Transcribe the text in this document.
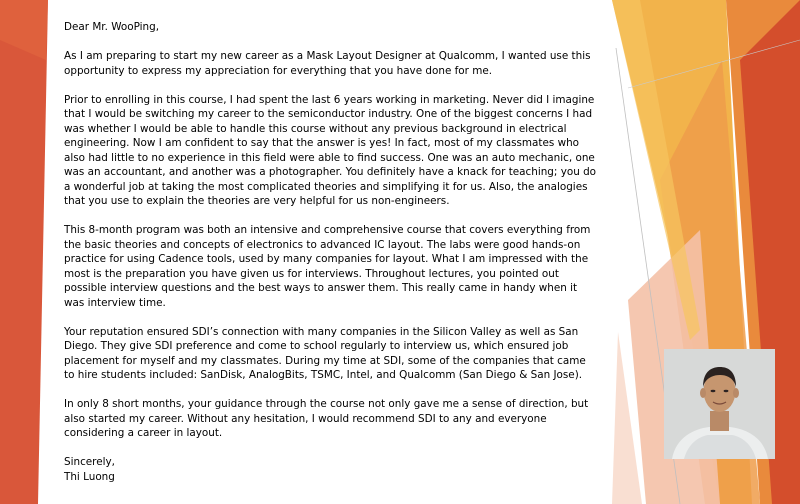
Dear Mr. WooPing,

As I am preparing to start my new career as a Mask Layout Designer at Qualcomm, I wanted use this opportunity to express my appreciation for everything that you have done for me.

Prior to enrolling in this course, I had spent the last 6 years working in marketing. Never did I imagine that I would be switching my career to the semiconductor industry. One of the biggest concerns I had was whether I would be able to handle this course without any previous background in electrical engineering. Now I am confident to say that the answer is yes! In fact, most of my classmates who also had little to no experience in this field were able to find success. One was an auto mechanic, one was an accountant, and another was a photographer. You definitely have a knack for teaching; you do a wonderful job at taking the most complicated theories and simplifying it for us. Also, the analogies that you use to explain the theories are very helpful for us non-engineers.

This 8-month program was both an intensive and comprehensive course that covers everything from the basic theories and concepts of electronics to advanced IC layout. The labs were good hands-on practice for using Cadence tools, used by many companies for layout. What I am impressed with the most is the preparation you have given us for interviews. Throughout lectures, you pointed out possible interview questions and the best ways to answer them. This really came in handy when it was interview time.

Your reputation ensured SDI’s connection with many companies in the Silicon Valley as well as San Diego. They give SDI preference and come to school regularly to interview us, which ensured job placement for myself and my classmates. During my time at SDI, some of the companies that came to hire students included: SanDisk, AnalogBits, TSMC, Intel, and Qualcomm (San Diego & San Jose).

In only 8 short months, your guidance through the course not only gave me a sense of direction, but also started my career. Without any hesitation, I would recommend SDI to any and everyone considering a career in layout.

Sincerely,

Thi Luong
